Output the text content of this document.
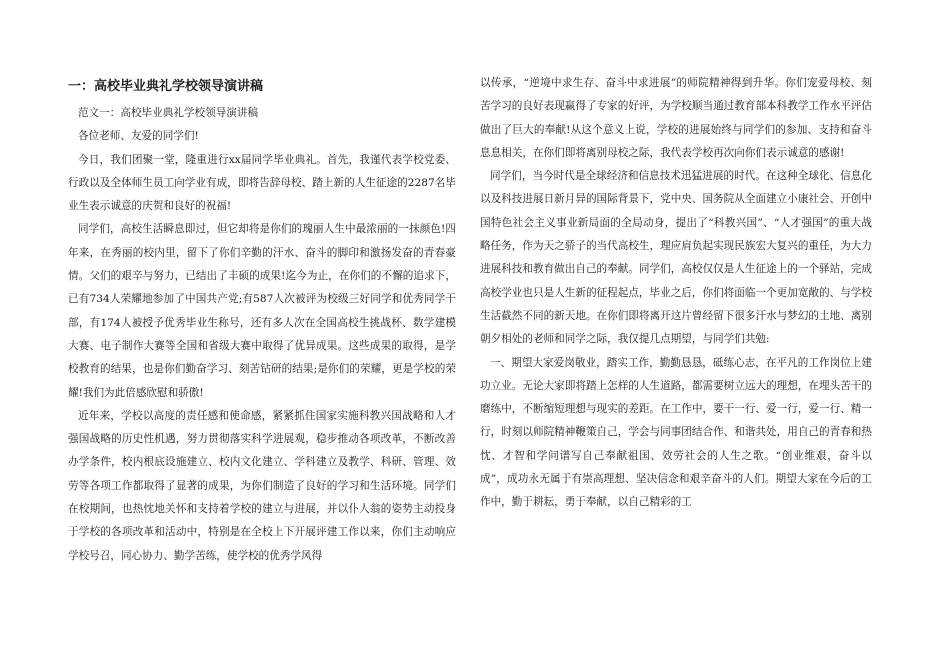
一：高校毕业典礼学校领导演讲稿

范文一：高校毕业典礼学校领导演讲稿

各位老师、友爱的同学们!

今日，我们团聚一堂，隆重进行xx届同学毕业典礼。首先，我谨代表学校党委、行政以及全体师生员工向学业有成，即将告辞母校、踏上新的人生征途的2287名毕业生表示诚意的庆贺和良好的祝福!

同学们，高校生活瞬息即过，但它却将是你们的瑰丽人生中最浓丽的一抹颜色!四年来，在秀丽的校内里，留下了你们辛勤的汗水、奋斗的脚印和激扬发奋的青春豪情。父们的艰辛与努力，已结出了丰硕的成果!迄今为止，在你们的不懈的追求下，已有734人荣耀地参加了中国共产党;有587人次被评为校级三好同学和优秀同学干部，有174人被授予优秀毕业生称号，还有多人次在全国高校生挑战杯、数学建模大赛、电子制作大赛等全国和省级大赛中取得了优异成果。这些成果的取得，是学校教育的结果，也是你们勤奋学习、刻苦钻研的结果;是你们的荣耀，更是学校的荣耀!我们为此倍感欣慰和骄傲!

近年来，学校以高度的责任感和使命感，紧紧抓住国家实施科教兴国战略和人才强国战略的历史性机遇，努力贯彻落实科学进展观，稳步推动各项改革，不断改善办学条件，校内根底设施建立、校内文化建立、学科建立及教学、科研、管理、效劳等各项工作都取得了显著的成果，为你们制造了良好的学习和生活环境。同学们在校期间，也热忱地关怀和支持着学校的建立与进展，并以仆人翁的姿势主动投身于学校的各项改革和活动中，特别是在全校上下开展评建工作以来，你们主动响应学校号召，同心协力、勤学苦练，使学校的优秀学风得

以传承，“逆境中求生存、奋斗中求进展”的师院精神得到升华。你们宠爱母校、刻苦学习的良好表现赢得了专家的好评，为学校顺当通过教育部本科教学工作水平评估做出了巨大的奉献!从这个意义上说，学校的进展始终与同学们的参加、支持和奋斗息息相关，在你们即将离别母校之际，我代表学校再次向你们表示诚意的感谢!

同学们，当今时代是全球经济和信息技术迅猛进展的时代。在这种全球化、信息化以及科技进展日新月异的国际背景下，党中央、国务院从全面建立小康社会、开创中国特色社会主义事业新局面的全局动身，提出了“科教兴国”、“人才强国”的重大战略任务，作为天之骄子的当代高校生，理应肩负起实现民族宏大复兴的重任，为大力进展科技和教育做出自己的奉献。同学们，高校仅仅是人生征途上的一个驿站，完成高校学业也只是人生新的征程起点，毕业之后，你们将面临一个更加宽敞的、与学校生活截然不同的新天地。在你们即将离开这片曾经留下很多汗水与梦幻的土地、离别朝夕相处的老师和同学之际，我仅提几点期望，与同学们共勉:

一、期望大家爱岗敬业，踏实工作，勤勤恳恳，砥练心志，在平凡的工作岗位上建功立业。无论大家即将踏上怎样的人生道路，都需要树立远大的理想，在埋头苦干的磨练中，不断缩短理想与现实的差距。在工作中，要干一行、爱一行，爱一行、精一行，时刻以师院精神鞭策自己，学会与同事团结合作、和谐共处，用自己的青春和热忱、才智和学问谱写自己奉献祖国、效劳社会的人生之歌。“创业维艰，奋斗以成”，成功永无属于有崇高理想、坚决信念和艰辛奋斗的人们。期望大家在今后的工作中，勤于耕耘，勇于奉献，以自己精彩的工
